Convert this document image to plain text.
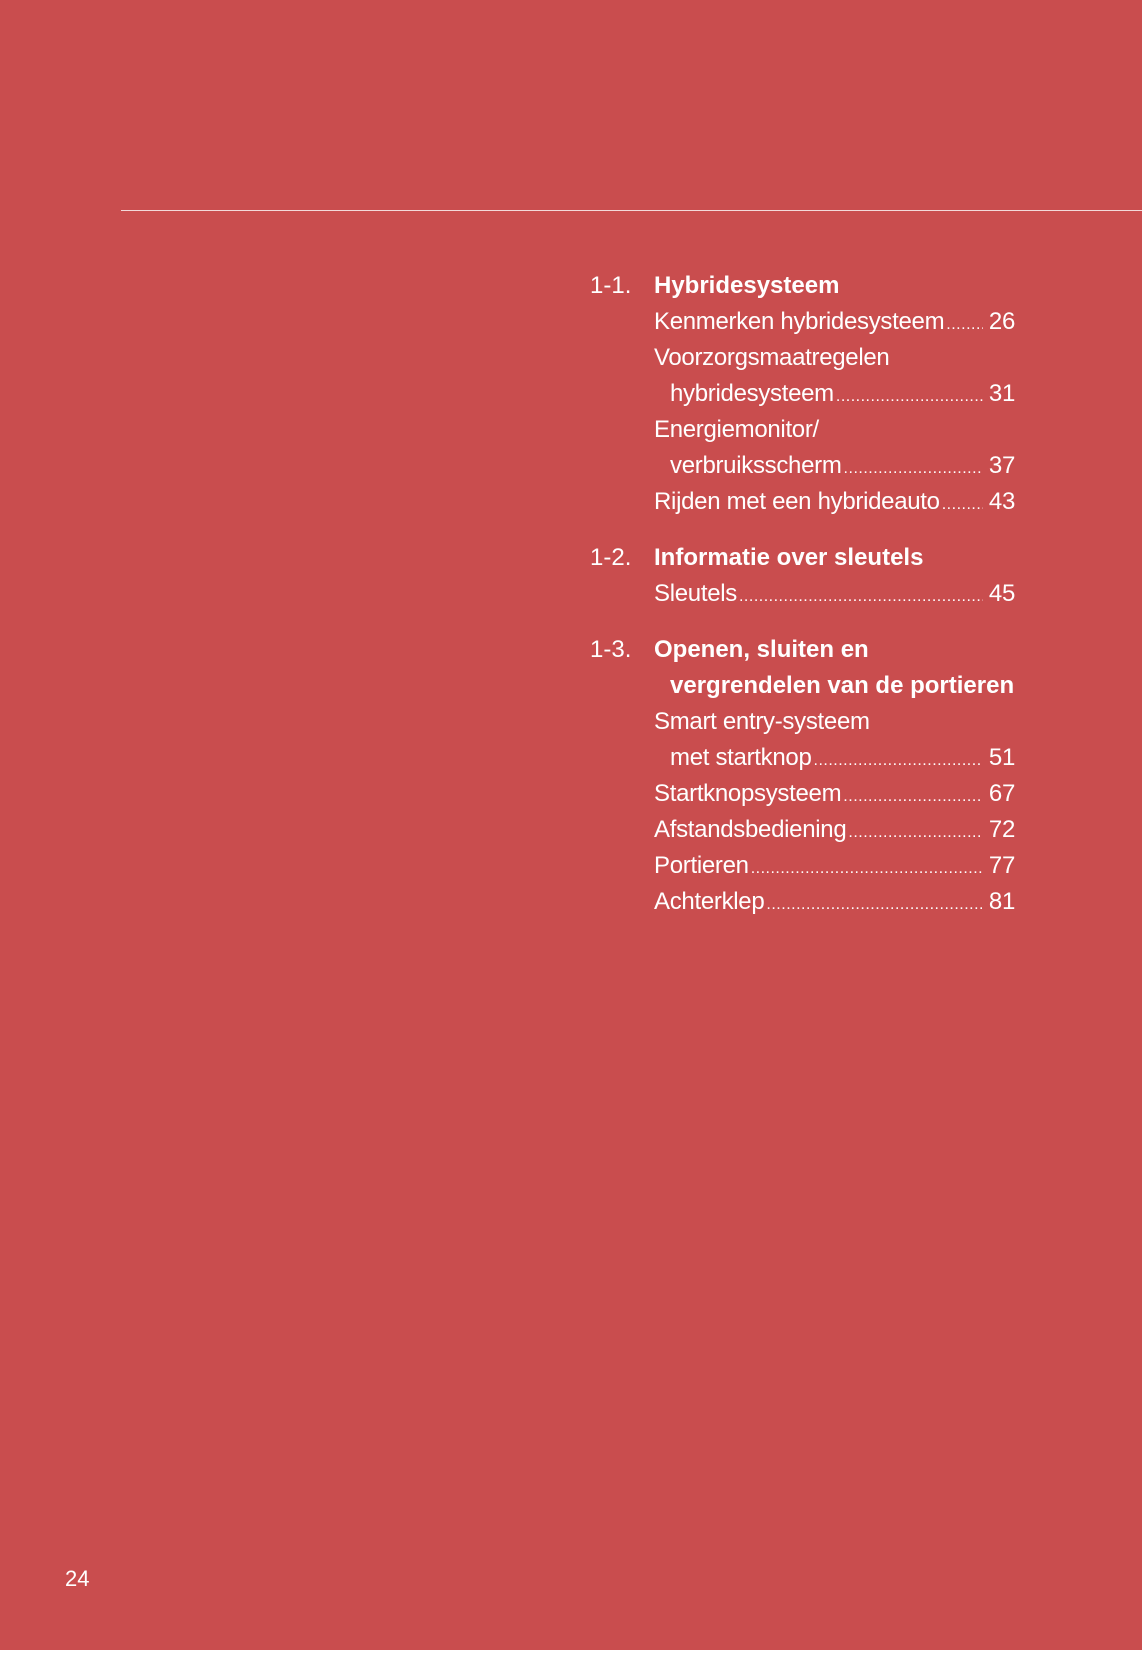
1-1. Hybridesysteem
Kenmerken hybridesysteem ..... 26
Voorzorgsmaatregelen
hybridesysteem .....	31
Energiemonitor/
verbruiksscherm .....	37
Rijden met een hybrideauto ..... 43
1-2. Informatie over sleutels
Sleutels .....	45
1-3. Openen, sluiten en
vergrendelen van de portieren
Smart entry-systeem
met startknop .....	51
Startknopsysteem .....	67
Afstandsbediening .....	72
Portieren .....	77
Achterklep .....	81
24
